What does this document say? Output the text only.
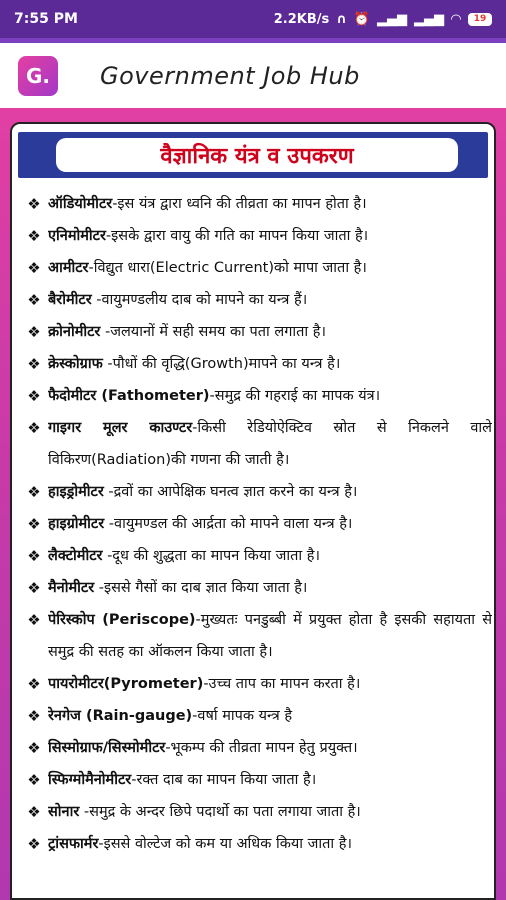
7:55 PM	2.2KB/s ∩ ⏰ ▂▄▆ ▂▄▆ ◠	19
G.	Government Job Hub
वैज्ञानिक यंत्र व उपकरण
❖ ऑडियोमीटर-इस यंत्र द्वारा ध्वनि की तीव्रता का मापन होता है।
❖ एनिमोमीटर-इसके द्वारा वायु की गति का मापन किया जाता है।
❖ आमीटर-विद्युत धारा(Electric Current)को मापा जाता है।
❖ बैरोमीटर -वायुमण्डलीय दाब को मापने का यन्त्र हैं।
❖ क्रोनोमीटर -जलयानों में सही समय का पता लगाता है।
❖ क्रेस्कोग्राफ -पौधों की वृद्धि(Growth)मापने का यन्त्र है।
❖ फैदोमीटर (Fathometer)-समुद्र की गहराई का मापक यंत्र।
❖ गाइगर मूलर काउण्टर-किसी रेडियोऐक्टिव स्रोत से निकलने वाले विकिरण(Radiation)की गणना की जाती है।
❖ हाइड्रोमीटर -द्रवों का आपेक्षिक घनत्व ज्ञात करने का यन्त्र है।
❖ हाइग्रोमीटर -वायुमण्डल की आर्द्रता को मापने वाला यन्त्र है।
❖ लैक्टोमीटर -दूध की शुद्धता का मापन किया जाता है।
❖ मैनोमीटर -इससे गैसों का दाब ज्ञात किया जाता है।
❖ पेरिस्कोप (Periscope)-मुख्यतः पनडुब्बी में प्रयुक्त होता है इसकी सहायता से समुद्र की सतह का ऑकलन किया जाता है।
❖ पायरोमीटर(Pyrometer)-उच्च ताप का मापन करता है।
❖ रेनगेज (Rain-gauge)-वर्षा मापक यन्त्र है
❖ सिस्मोग्राफ/सिस्मोमीटर-भूकम्प की तीव्रता मापन हेतु प्रयुक्त।
❖ स्फिग्मोमैनोमीटर-रक्त दाब का मापन किया जाता है।
❖ सोनार -समुद्र के अन्दर छिपे पदार्थो का पता लगाया जाता है।
❖ ट्रांसफार्मर-इससे वोल्टेज को कम या अधिक किया जाता है।
